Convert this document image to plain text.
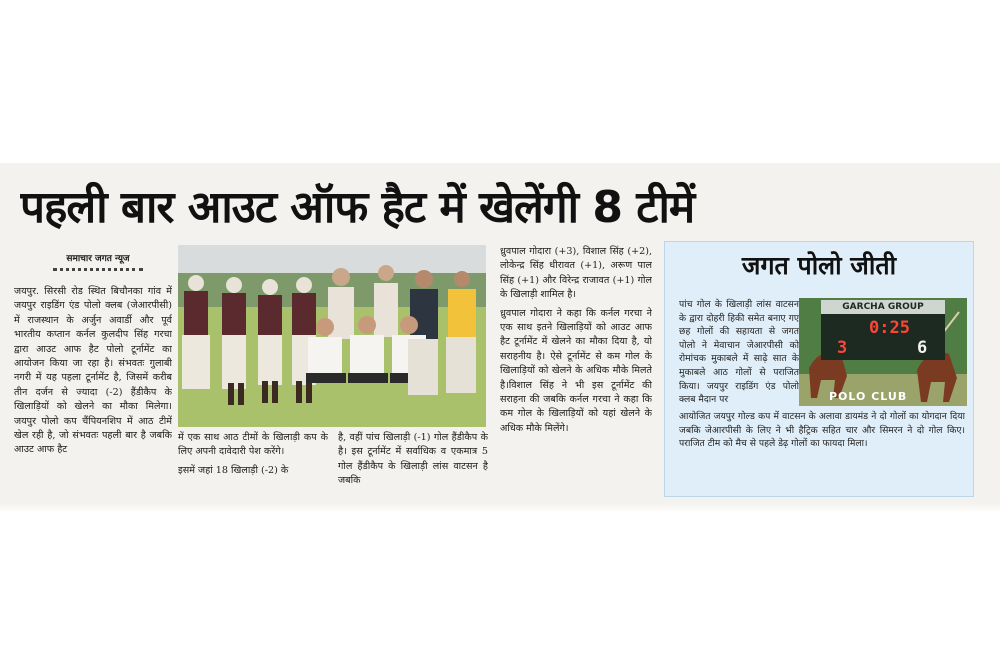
पहली बार आउट ऑफ हैट में खेलेंगी 8 टीमें
समाचार जगत न्यूज

जयपुर. सिरसी रोड स्थित बिचौनका गांव में जयपुर राइडिंग एंड पोलो क्लब (जेआरपीसी) में राजस्थान के अर्जुन अवार्डी और पूर्व भारतीय कप्तान कर्नल कुलदीप सिंह गरचा द्वारा आउट आफ हैट पोलो टूर्नामेंट का आयोजन किया जा रहा है। संभवतः गुलाबी नगरी में यह पहला टूर्नामेंट है, जिसमें करीब तीन दर्जन से ज्यादा (-2) हैंडीकैप के खिलाड़ियों को खेलने का मौका मिलेगा। जयपुर पोलो कप चैंपियनशिप में आठ टीमें खेल रही है, जो संभवतः पहली बार है जबकि आउट आफ हैट

में एक साथ आठ टीमों के खिलाड़ी कप के लिए अपनी दावेदारी पेश करेंगे।

इसमें जहां 18 खिलाड़ी (-2) के

है, वहीं पांच खिलाड़ी (-1) गोल हैंडीकैप के है। इस टूर्नामेंट में सर्वाधिक व एकमात्र 5 गोल हैंडीकैप के खिलाड़ी लांस वाटसन है जबकि

ध्रुवपाल गोदारा (+3), विशाल सिंह (+2), लोकेन्द्र सिंह धीरावत (+1), अरूण पाल सिंह (+1) और विरेन्द्र राजावत (+1) गोल के खिलाड़ी शामिल है।

ध्रुवपाल गोदारा ने कहा कि कर्नल गरचा ने एक साथ इतने खिलाड़ियों को आउट आफ हैट टूर्नामेंट में खेलने का मौका दिया है, यो सराहनीय है। ऐसे टूर्नामेंट से कम गोल के खिलाड़ियों को खेलने के अधिक मौके मिलते है।विशाल सिंह ने भी इस टूर्नामेंट की सराहना की जबकि कर्नल गरचा ने कहा कि कम गोल के खिलाड़ियों को यहां खेलने के अधिक मौके मिलेंगे।

जगत पोलो जीती
पांच गोल के खिलाड़ी लांस वाटसन के द्वारा दोहरी हिकी समेत बनाए गए छह गोलों की सहायता से जगत पोलो ने मेवाचान जेआरपीसी को रोमांचक मुकाबले में साढ़े सात के मुकाबले आठ गोलों से पराजित किया। जयपुर राइडिंग एंड पोलो क्लब मैदान पर
GARCHA GROUP
0:25
3	6
POLO CLUB
आयोजित जयपुर गोल्ड कप में वाटसन के अलावा डायमंड ने दो गोलों का योगदान दिया जबकि जेआरपीसी के लिए ने भी हैट्रिक सहित चार और सिमरन ने दो गोल किए। पराजित टीम को मैच से पहले डेढ़ गोलों का फायदा मिला।
